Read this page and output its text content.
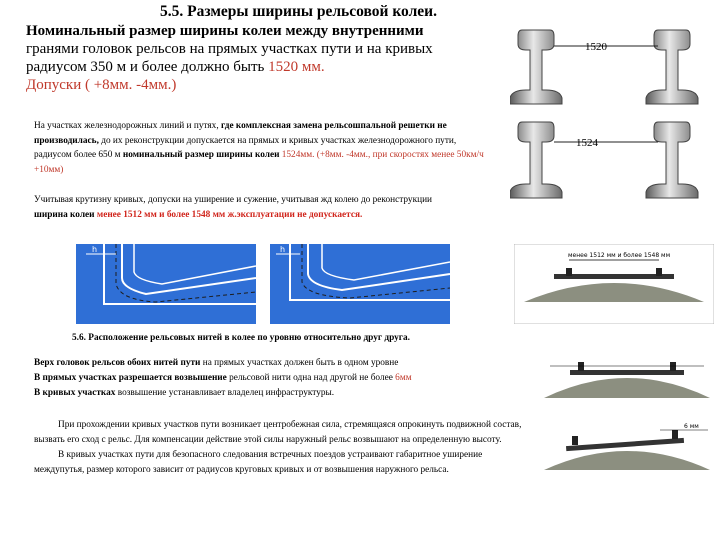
5.5. Размеры ширины рельсовой колеи.
Номинальный размер ширины колеи между внутренними
гранями головок рельсов на прямых участках пути и на кривых
радиусом 350 м и более должно быть 1520 мм.
Допуски ( +8мм. -4мм.)
На участках железнодорожных линий и путях, где комплексная замена рельсошпальной решетки не производилась, до их реконструкции допускается на прямых и кривых участках железнодорожного пути, радиусом более 650 м номинальный размер ширины колеи 1524мм. (+8мм. -4мм., при скоростях менее 50км/ч +10мм)
Учитывая крутизну кривых, допуски на уширение и сужение, учитывая жд колею до реконструкции
ширина колеи менее 1512 мм и более 1548 мм ж.эксплуатации не допускается.
5.6. Расположение рельсовых нитей в колее по уровню относительно друг друга.
Верх головок рельсов обоих нитей пути на прямых участках должен быть в одном уровне
В прямых участках разрешается возвышение рельсовой нити одна над другой не более 6мм
В кривых участках возвышение устанавливает владелец инфраструктуры.
При прохождении кривых участков пути возникает центробежная сила, стремящаяся опрокинуть подвижной состав, вызвать его сход с рельс. Для компенсации действие этой силы наружный рельс возвышают на определенную высоту.
В кривых участках пути для безопасного следования встречных поездов устраивают габаритное уширение междупутья, размер которого зависит от радиусов круговых кривых и от возвышения наружного рельса.
1520
1524
h	h
менее 1512 мм и более 1548 мм
6 мм
